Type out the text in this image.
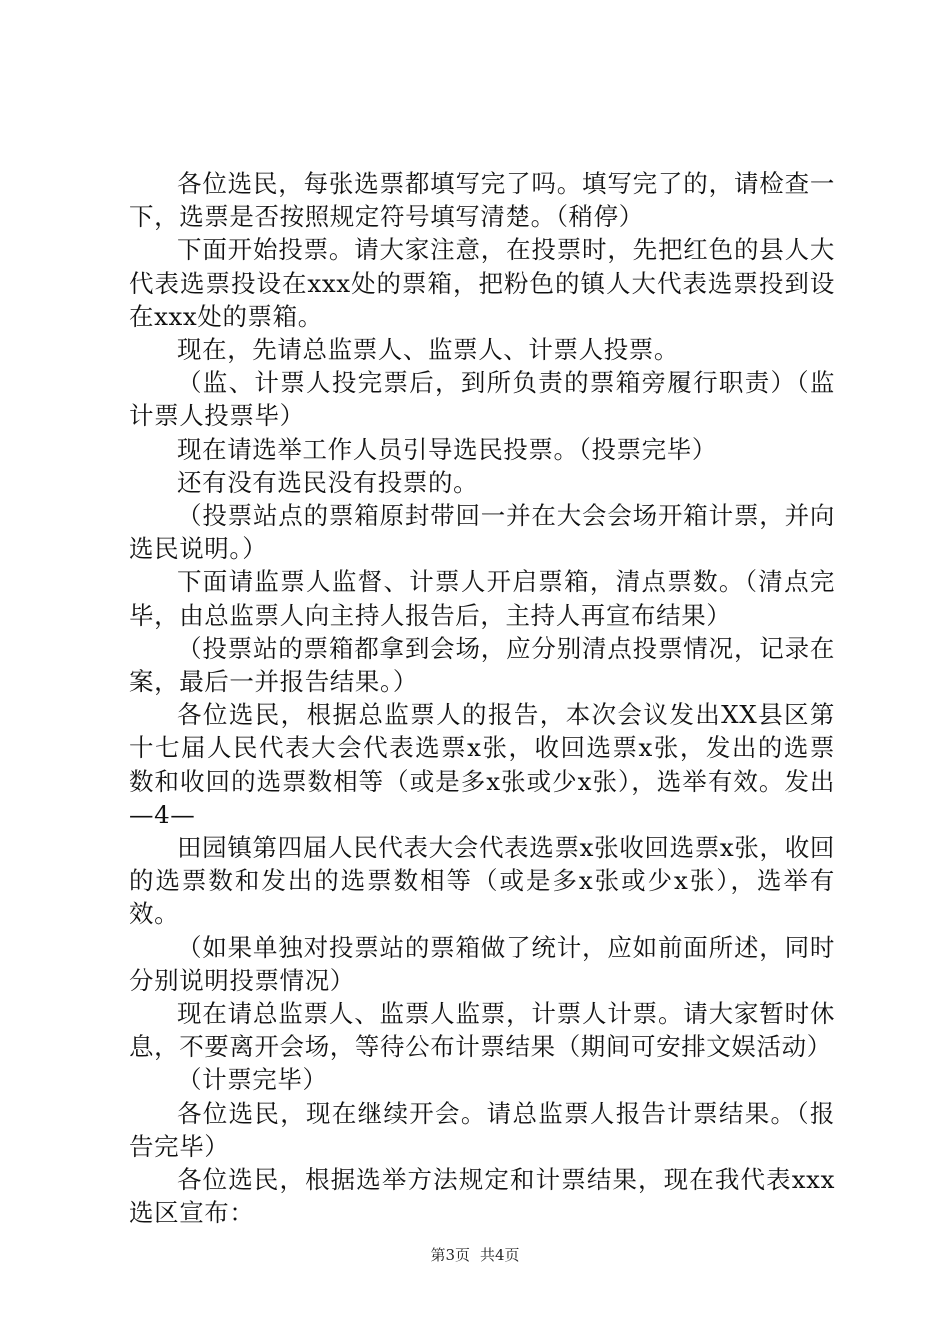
各位选民，每张选票都填写完了吗。填写完了的，请检查一下，选票是否按照规定符号填写清楚。（稍停）

下面开始投票。请大家注意，在投票时，先把红色的县人大代表选票投设在xxx处的票箱，把粉色的镇人大代表选票投到设在xxx处的票箱。

现在，先请总监票人、监票人、计票人投票。

（监、计票人投完票后，到所负责的票箱旁履行职责）（监计票人投票毕）

现在请选举工作人员引导选民投票。（投票完毕）

还有没有选民没有投票的。

（投票站点的票箱原封带回一并在大会会场开箱计票，并向选民说明。）

下面请监票人监督、计票人开启票箱，清点票数。（清点完毕，由总监票人向主持人报告后，主持人再宣布结果）

（投票站的票箱都拿到会场，应分别清点投票情况，记录在案，最后一并报告结果。）

各位选民，根据总监票人的报告，本次会议发出XX县区第十七届人民代表大会代表选票x张，收回选票x张，发出的选票数和收回的选票数相等（或是多x张或少x张），选举有效。发出—4—

田园镇第四届人民代表大会代表选票x张收回选票x张，收回的选票数和发出的选票数相等（或是多x张或少x张），选举有效。

（如果单独对投票站的票箱做了统计，应如前面所述，同时分别说明投票情况）

现在请总监票人、监票人监票，计票人计票。请大家暂时休息，不要离开会场，等待公布计票结果（期间可安排文娱活动）

（计票完毕）

各位选民，现在继续开会。请总监票人报告计票结果。（报告完毕）

各位选民，根据选举方法规定和计票结果，现在我代表xxx选区宣布：

第3页 共4页
